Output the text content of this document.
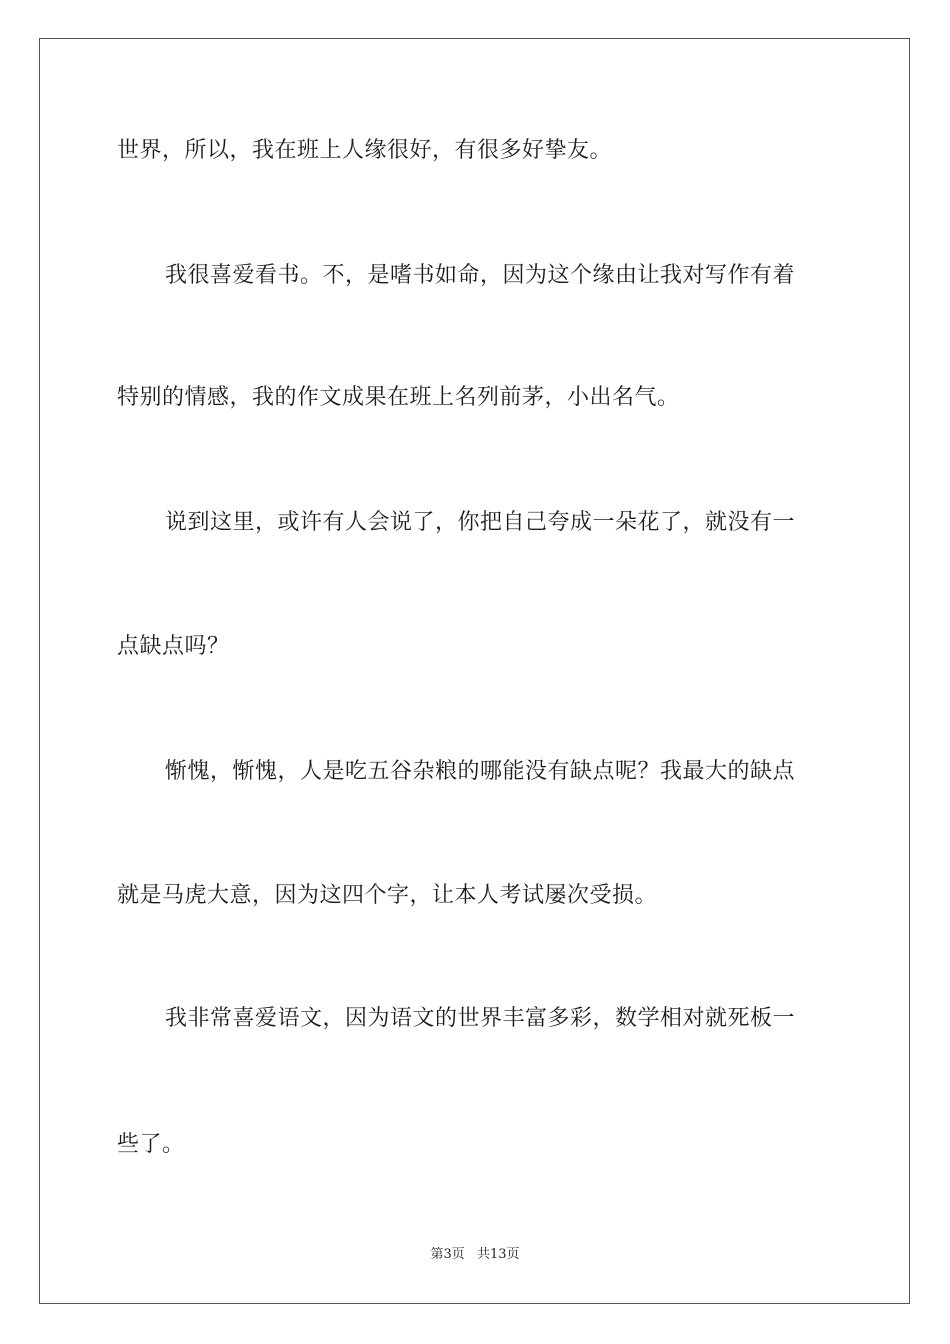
世界，所以，我在班上人缘很好，有很多好挚友。
我很喜爱看书。不，是嗜书如命，因为这个缘由让我对写作有着
特别的情感，我的作文成果在班上名列前茅，小出名气。
说到这里，或许有人会说了，你把自己夸成一朵花了，就没有一
点缺点吗？
惭愧，惭愧，人是吃五谷杂粮的哪能没有缺点呢？我最大的缺点
就是马虎大意，因为这四个字，让本人考试屡次受损。
我非常喜爱语文，因为语文的世界丰富多彩，数学相对就死板一
些了。
第3页 共13页
